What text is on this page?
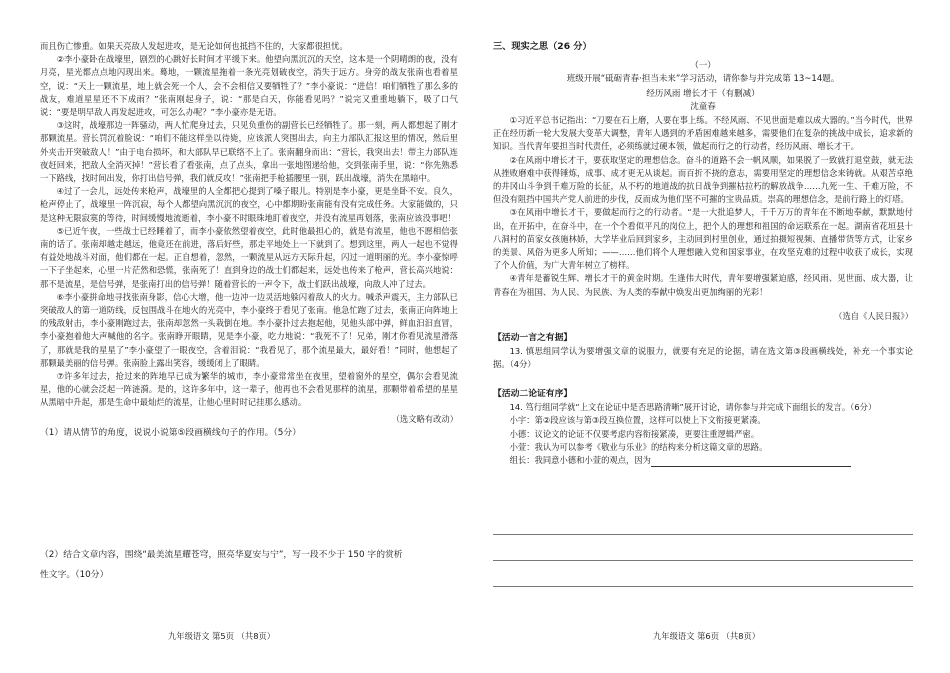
而且伤亡惨重。如果天亮敌人发起进攻，是无论如何也抵挡不住的，大家都很担忧。

②李小豪卧在战壕里，剧烈的心跳好长时间才平缓下来。他望向黑沉沉的天空，这本是一个阴晴朗的夜，没有月亮，星光都点点地闪现出来。蓦地，一颗流星拖着一条光亮划破夜空，消失于远方。身旁的战友张南也看着星空，说：“天上一颗流星，地上就会死一个人，会不会相信又要牺牲了？”李小豪说：“进信！咱们牺牲了那么多的战友，难道星星还不下成雨？”张南刚起身子，说：“那是白天，你能看见吗？”说完又重重地躺下，吸了口气说：“要是明早敌人再发起进攻，可怎么办呢？”李小豪亦是无语。

③这时，战壕那边一阵骚动，两人忙爬身过去，只见负重伤的副营长已经牺牲了。那一刻，两人都想起了刚才那颗流星。营长罚沉着脸说：“咱们不能这样坐以待毙，应该派人突围出去，向主力部队汇报这里的情况，然后里外夹击开突破敌人！”由于电台损坏，和大部队早已联络不上了。张南翻身而出：“营长，我突出去！带主力部队连夜赶回来，把敌人全消灭掉！”营长看了看张南，点了点头，拿出一张地图递给他，交到张南手里，说：“你先熟悉一下路线，找时间出发，你打出信号弹，我们就反攻！”张南把手枪插腰里一别，跃出战壕，消失在黑暗中。

④过了一会儿，远处传来枪声，战壕里的人全都把心提到了嗓子眼儿。特别是李小豪，更是坐卧不安。良久，枪声停止了，战壕里一阵沉寂，每个人都望向黑沉沉的夜空，心中都期盼张南能有没有完成任务。大家能做的，只是这种无限寂寞的等待，时间缓慢地流逝着，李小豪不时眼珠地盯着夜空，并没有流星再划落，张南应该没事吧！

⑤已近午夜，一些战士已经睡着了，而李小豪依然望着夜空，此时他最担心的，就是有流星，他也不愿相信张南的话了。张南却越走越远，他竟还在前进，落后好些，那走平地处上一下就到了。想到这里，两人一起也不觉得有益处地战斗对面，他们都在一起。正自想着，忽然，一颗流星从远方天际升起，闪过一道明丽的光。李小豪惊呼一下子坐起来，心里一片茫然和恐慌，张南死了！直到身边的战士们都起来，远处也传来了枪声，营长高兴地说：那不是流星，是信号弹，是张南打出的信号弹！随着营长的一声令下，战士们跃出战壕，向敌人冲了过去。

⑥李小豪拼命地寻找张南身影，信心大增，他一边冲一边灵活地躲闪着敌人的火力。喊杀声震天，主力部队已突破敌人的第一道防线，反包围战斗在地火的光亮中，李小豪终于看见了张南。他急忙跑了过去，张南正向阵地上的残敌射击，李小豪刚跑过去，张南却忽然一头栽倒在地。李小豪扑过去抱起他，见他头部中弹，鲜血汩汩直冒，李小豪抱着他大声喊他的名字。张南睁开眼睛，见是李小豪，吃力地说：“我死不了！兄弟，刚才你看见流星滑落了，那就是我的星星了”李小豪望了一眼夜空，含着泪说：“我看见了，那个流星最大，最好看！”同时，他想起了那颗最美丽的信号弹。张南脸上露出笑容，缓缓闭上了眼睛。

⑦许多年过去，抢过来的阵地早已成为繁华的城市，李小豪常常坐在夜里，望着窗外的星空，偶尔会看见流星，他的心就会泛起一阵涟漪。是的，这许多年中，这一辈子，他再也不会看见那样的流星，那颗带着希望的星星从黑暗中升起，那是生命中最灿烂的流星，让他心里时时记挂那么感动。

（选文略有改动）
（1）请从情节的角度，说说小说第⑤段画横线句子的作用。（5分）
（2）结合文章内容，围绕“最美流星耀苍穹，照亮华夏安与宁”，写一段不少于 150 字的赏析
性文字。（10分）
九年级语文 第5页 （共8页）
三、现实之思（26 分）
（一）
班级开展“砥砺青春·担当未来”学习活动，请你参与并完成第 13~14题。
经历风雨 增长才干（有删减）
沈童春

①习近平总书记指出：“刀要在石上磨，人要在事上练。不经风雨、不见世面是难以成大器的。”当今时代，世界正在经历新一轮大发展大变革大调整，青年人遇到的矛盾困难越来越多，需要他们在复杂的挑战中成长，追求新的知识。当代青年要担当时代责任，必须练就过硬本领，做起而行之的行动者，经历风雨、增长才干。

②在风雨中增长才干，要获取坚定的理想信念。奋斗的道路不会一帆风顺，如果脱了一致就打退堂鼓，就无法从挫败磨难中获得锤炼，成事、成才更无从谈起。而百折不挠的意志，需要用坚定的理想信念来铸就。从艰苦卓绝的井冈山斗争到千难万险的长征，从不朽的地道战的抗日战争到摧枯拉朽的解放战争……九死一生、千难万险，不但没有阻挡中国共产党人前进的步伐，反而成为他们坚不可摧的宝贵品质。崇高的理想信念，是前行路上的灯塔。

③在风雨中增长才干，要做起而行之的行动者。“是一大批追梦人，千千万万的青年在不断地奉献，默默地付出，在开拓中，在奋斗中，在一个个看似平凡的岗位上，把个人的理想和祖国的命运联系在一起。湖南省花垣县十八洞村的苗家女孩施林娇，大学毕业后回到家乡，主动回到村里创业，通过拍摄短视频、直播带货等方式，让家乡的美景、风俗为更多人所知；——……他们将个人理想融入党和国家事业，在攻坚克难的过程中收获了成长，实现了个人价值，为广大青年树立了榜样。

④青年是蓄锐生辉、增长才干的黄金时期。生逢伟大时代，青年要增强紧迫感，经风雨、见世面、成大器，让青春在为祖国、为人民、为民族、为人类的奉献中焕发出更加绚丽的光彩！

（选自《人民日报》）
【活动一言之有据】

13. 慎思组同学认为要增强文章的说服力，就要有充足的论据，请在选文第③段画横线处，补充一个事实论据。（4分）

【活动二论证有序】

14. 笃行组同学就“上文在论证中是否思路清晰”展开讨论，请你参与并完成下面组长的发言。（6分）

小宇：第②段应该与第③段互换位置，这样可以使上下文衔接更紧凑。

小德：议论文的论证不仅要考虑内容衔接紧凑，更要注重逻辑严密。

小萱：我认为可以参考《敬业与乐业》的结构来分析这篇文章的思路。

组长：我同意小德和小萱的观点，因为

九年级语文 第6页 （共8页）
